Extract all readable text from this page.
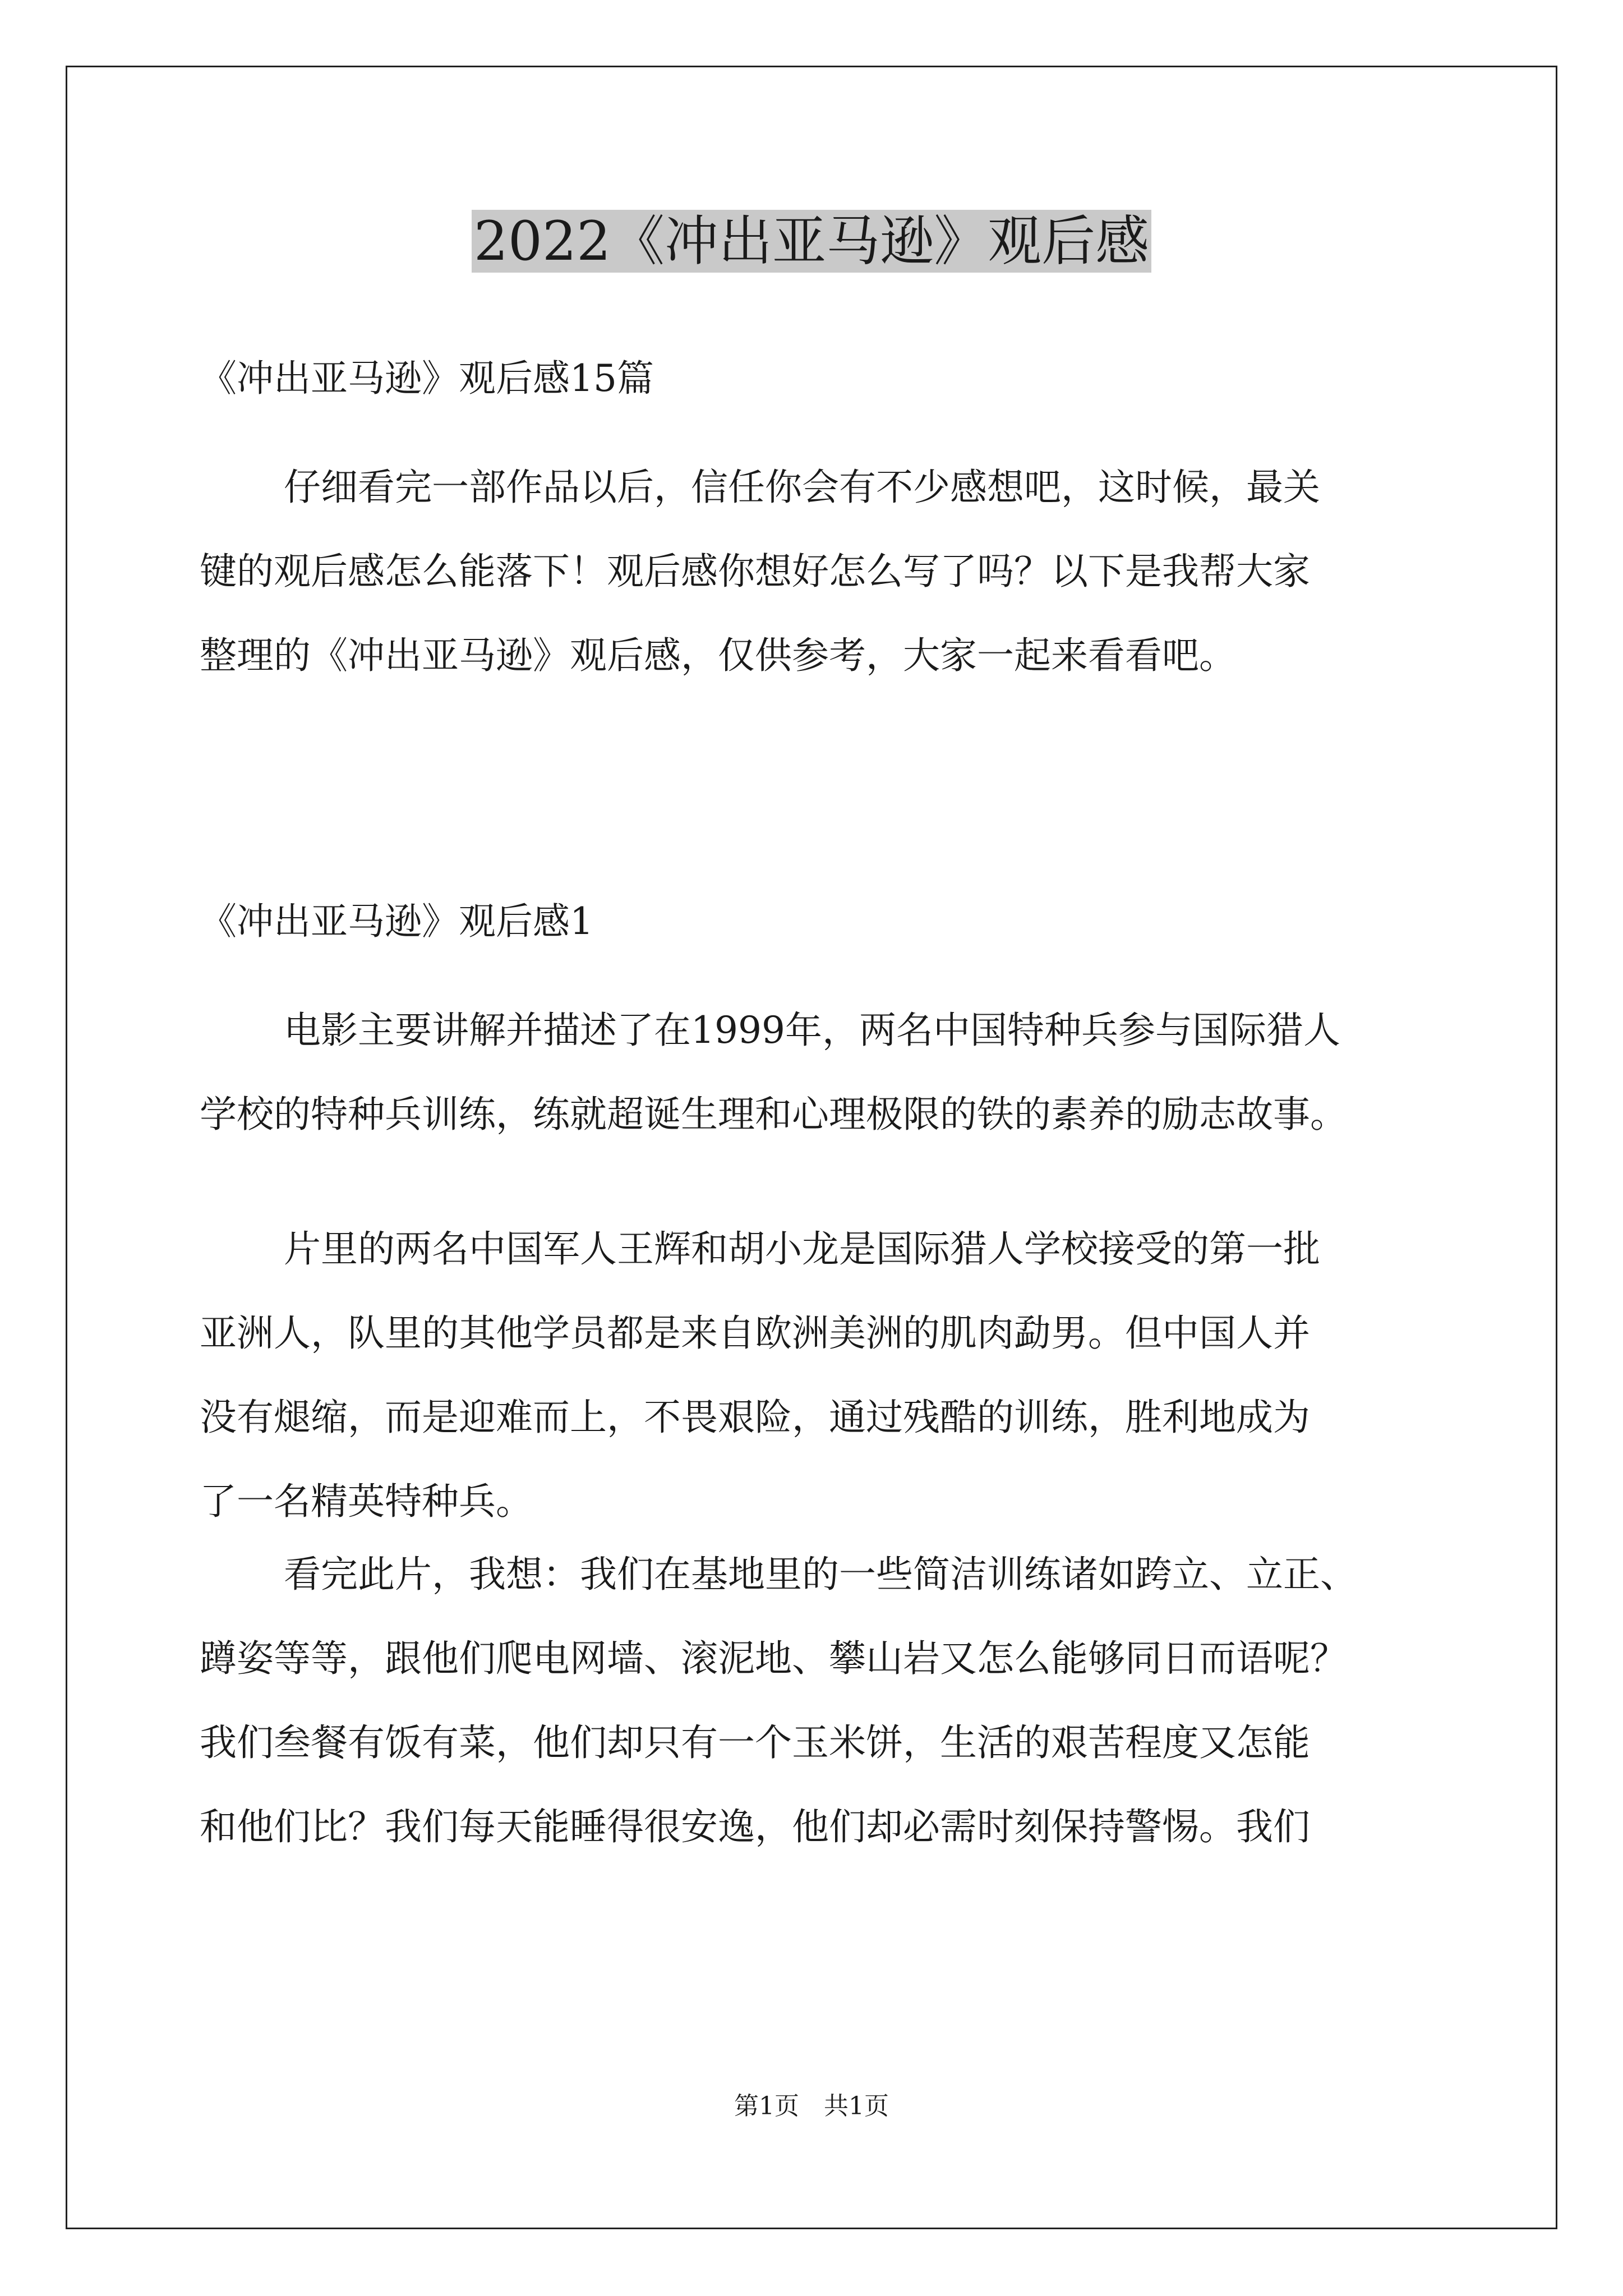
2022《冲出亚马逊》观后感

《冲出亚马逊》观后感15篇

仔细看完一部作品以后，信任你会有不少感想吧，这时候，最关
键的观后感怎么能落下！观后感你想好怎么写了吗？以下是我帮大家
整理的《冲出亚马逊》观后感，仅供参考，大家一起来看看吧。

《冲出亚马逊》观后感1

电影主要讲解并描述了在1999年，两名中国特种兵参与国际猎人
学校的特种兵训练，练就超诞生理和心理极限的铁的素养的励志故事。
片里的两名中国军人王辉和胡小龙是国际猎人学校接受的第一批
亚洲人，队里的其他学员都是来自欧洲美洲的肌肉勐男。但中国人并
没有煺缩，而是迎难而上，不畏艰险，通过残酷的训练，胜利地成为
了一名精英特种兵。
看完此片，我想：我们在基地里的一些简洁训练诸如跨立、立正、
蹲姿等等，跟他们爬电网墙、滚泥地、攀山岩又怎么能够同日而语呢？
我们叁餐有饭有菜，他们却只有一个玉米饼，生活的艰苦程度又怎能
和他们比？我们每天能睡得很安逸，他们却必需时刻保持警惕。我们
第1页　共1页
